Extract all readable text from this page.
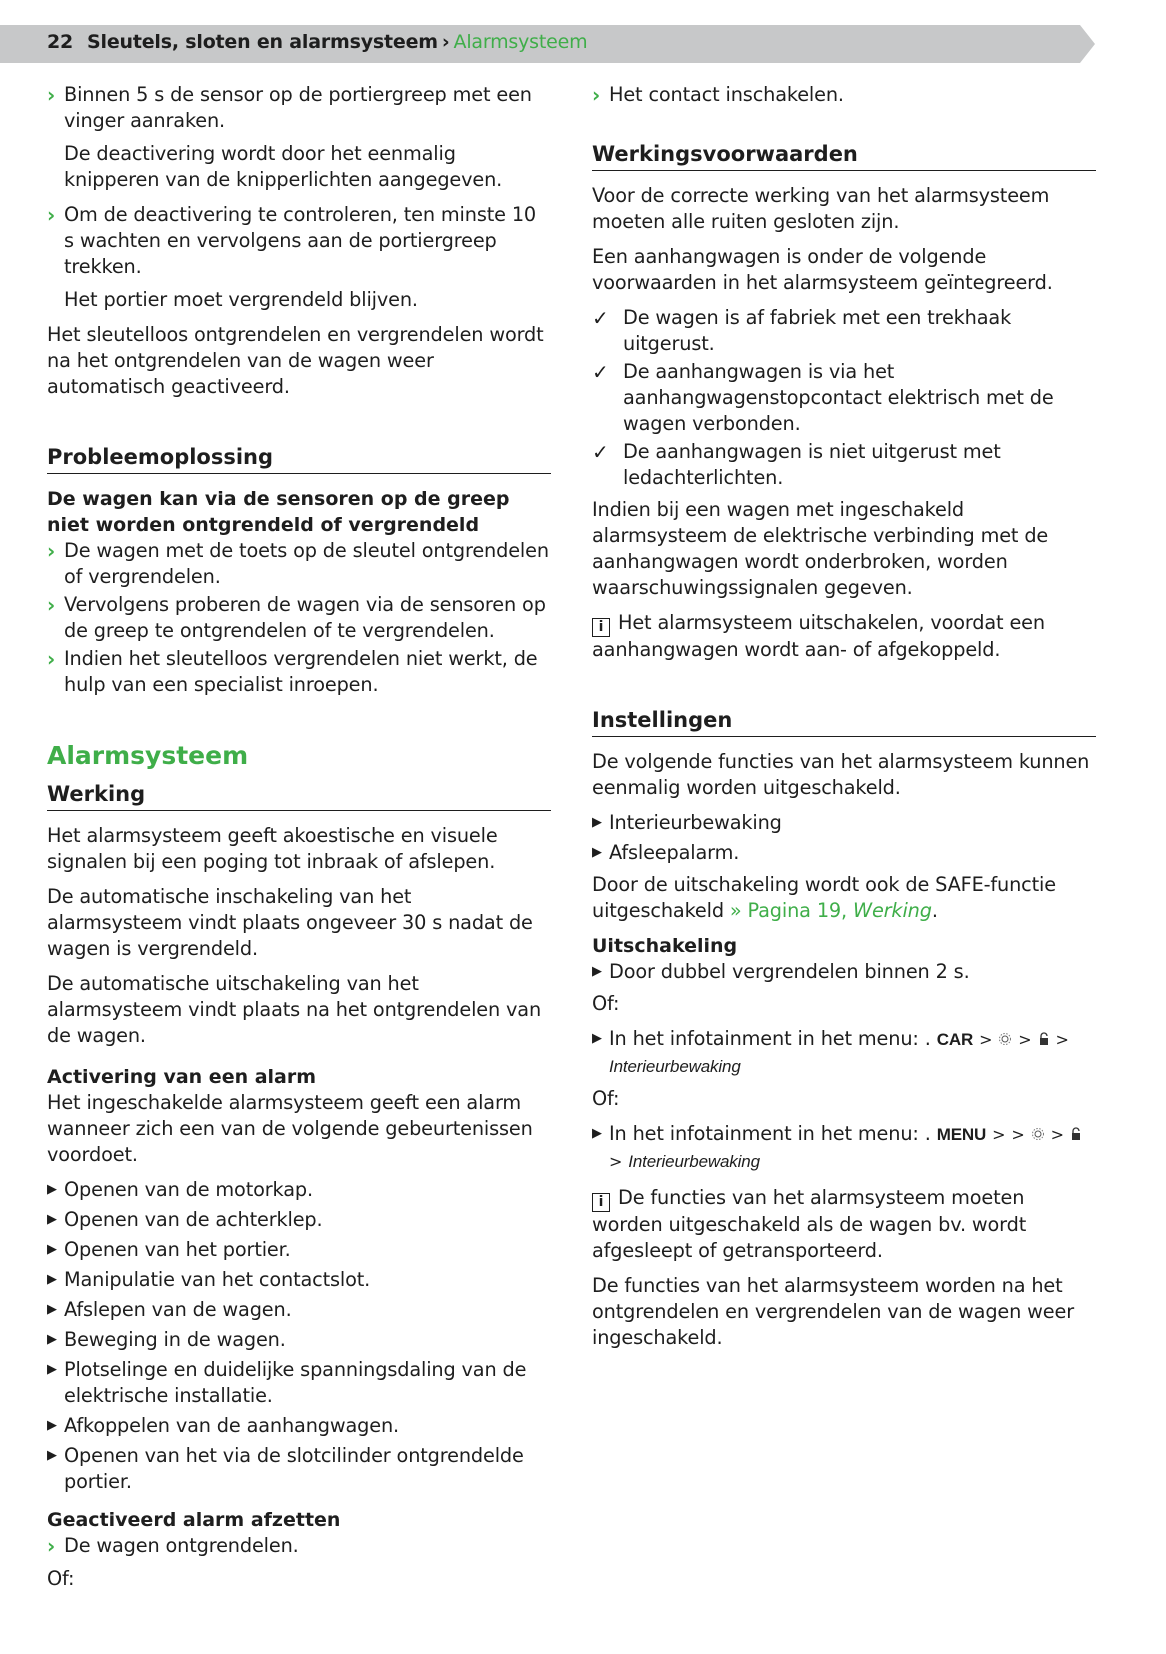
22 Sleutels, sloten en alarmsysteem › Alarmsysteem
› Binnen 5 s de sensor op de portiergreep met een vinger aanraken.

De deactivering wordt door het eenmalig knipperen van de knipperlichten aangegeven.

› Om de deactivering te controleren, ten minste 10 s wachten en vervolgens aan de portiergreep trekken.

Het portier moet vergrendeld blijven.

Het sleutelloos ontgrendelen en vergrendelen wordt na het ontgrendelen van de wagen weer automatisch geactiveerd.

Probleemoplossing
De wagen kan via de sensoren op de greep niet worden ontgrendeld of vergrendeld
› De wagen met de toets op de sleutel ontgrendelen of vergrendelen.
› Vervolgens proberen de wagen via de sensoren op de greep te ontgrendelen of te vergrendelen.
› Indien het sleutelloos vergrendelen niet werkt, de hulp van een specialist inroepen.
Alarmsysteem
Werking

Het alarmsysteem geeft akoestische en visuele signalen bij een poging tot inbraak of afslepen.

De automatische inschakeling van het alarmsysteem vindt plaats ongeveer 30 s nadat de wagen is vergrendeld.

De automatische uitschakeling van het alarmsysteem vindt plaats na het ontgrendelen van de wagen.

Activering van een alarm

Het ingeschakelde alarmsysteem geeft een alarm wanneer zich een van de volgende gebeurtenissen voordoet.

▶ Openen van de motorkap.
▶ Openen van de achterklep.
▶ Openen van het portier.
▶ Manipulatie van het contactslot.
▶ Afslepen van de wagen.
▶ Beweging in de wagen.
▶ Plotselinge en duidelijke spanningsdaling van de elektrische installatie.
▶ Afkoppelen van de aanhangwagen.
▶ Openen van het via de slotcilinder ontgrendelde portier.
Geactiveerd alarm afzetten
› De wagen ontgrendelen.

Of:

› Het contact inschakelen.
Werkingsvoorwaarden

Voor de correcte werking van het alarmsysteem moeten alle ruiten gesloten zijn.

Een aanhangwagen is onder de volgende voorwaarden in het alarmsysteem geïntegreerd.

✓ De wagen is af fabriek met een trekhaak uitgerust.
✓ De aanhangwagen is via het aanhangwagenstopcontact elektrisch met de wagen verbonden.
✓ De aanhangwagen is niet uitgerust met ledachterlichten.

Indien bij een wagen met ingeschakeld alarmsysteem de elektrische verbinding met de aanhangwagen wordt onderbroken, worden waarschuwingssignalen gegeven.

i Het alarmsysteem uitschakelen, voordat een aanhangwagen wordt aan- of afgekoppeld.

Instellingen

De volgende functies van het alarmsysteem kunnen eenmalig worden uitgeschakeld.

▶ Interieurbewaking
▶ Afsleepalarm.

Door de uitschakeling wordt ook de SAFE-functie uitgeschakeld » Pagina 19, Werking.

Uitschakeling
▶ Door dubbel vergrendelen binnen 2 s.

Of:

▶ In het infotainment in het menu: . CAR > > > Interieurbewaking

Of:

▶ In het infotainment in het menu: . MENU > > >  > Interieurbewaking

i De functies van het alarmsysteem moeten worden uitgeschakeld als de wagen bv. wordt afgesleept of getransporteerd.

De functies van het alarmsysteem worden na het ontgrendelen en vergrendelen van de wagen weer ingeschakeld.
